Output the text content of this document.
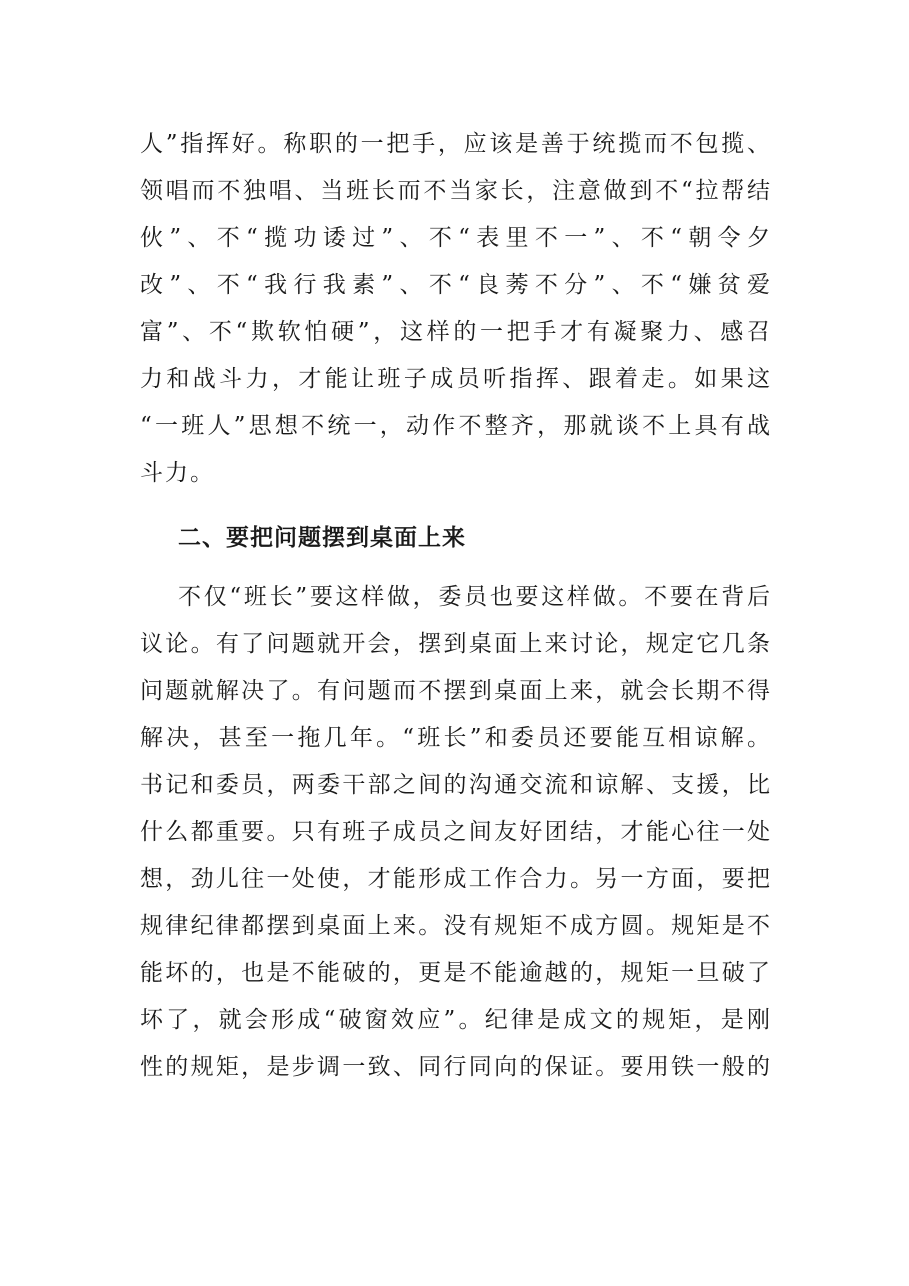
人”指挥好。称职的一把手，应该是善于统揽而不包揽、
领唱而不独唱、当班长而不当家长，注意做到不“拉帮结
伙”、不“揽功诿过”、不“表里不一”、不“朝令夕
改”、不“我行我素”、不“良莠不分”、不“嫌贫爱
富”、不“欺软怕硬”，这样的一把手才有凝聚力、感召
力和战斗力，才能让班子成员听指挥、跟着走。如果这
“一班人”思想不统一，动作不整齐，那就谈不上具有战
斗力。
二、要把问题摆到桌面上来
不仅“班长”要这样做，委员也要这样做。不要在背后
议论。有了问题就开会，摆到桌面上来讨论，规定它几条
问题就解决了。有问题而不摆到桌面上来，就会长期不得
解决，甚至一拖几年。“班长”和委员还要能互相谅解。
书记和委员，两委干部之间的沟通交流和谅解、支援，比
什么都重要。只有班子成员之间友好团结，才能心往一处
想，劲儿往一处使，才能形成工作合力。另一方面，要把
规律纪律都摆到桌面上来。没有规矩不成方圆。规矩是不
能坏的，也是不能破的，更是不能逾越的，规矩一旦破了
坏了，就会形成“破窗效应”。纪律是成文的规矩，是刚
性的规矩，是步调一致、同行同向的保证。要用铁一般的
